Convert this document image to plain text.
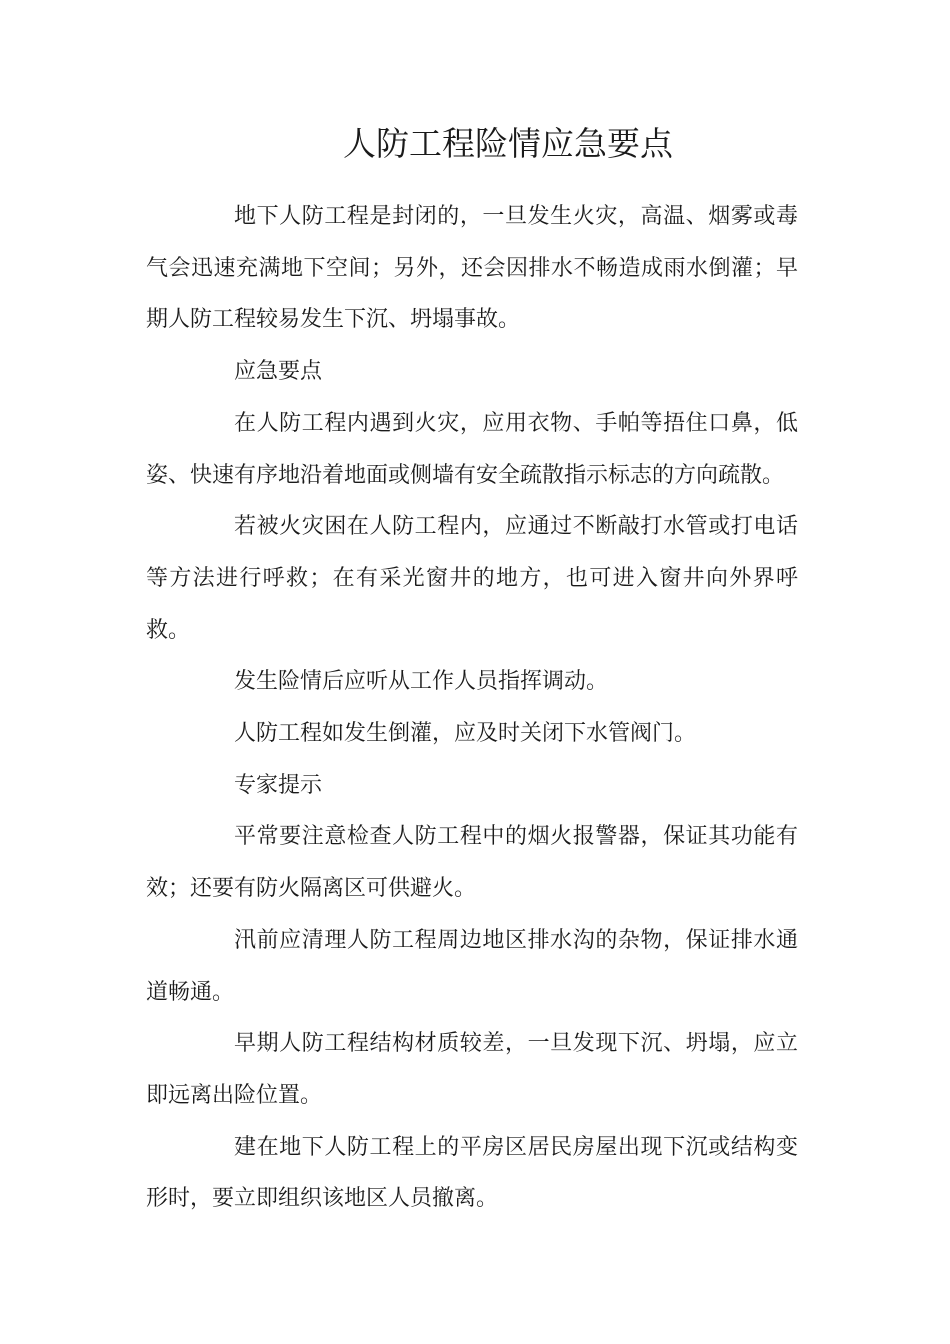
人防工程险情应急要点

地下人防工程是封闭的，一旦发生火灾，高温、烟雾或毒气会迅速充满地下空间；另外，还会因排水不畅造成雨水倒灌；早期人防工程较易发生下沉、坍塌事故。

应急要点

在人防工程内遇到火灾，应用衣物、手帕等捂住口鼻，低姿、快速有序地沿着地面或侧墙有安全疏散指示标志的方向疏散。

若被火灾困在人防工程内，应通过不断敲打水管或打电话等方法进行呼救；在有采光窗井的地方，也可进入窗井向外界呼救。

发生险情后应听从工作人员指挥调动。

人防工程如发生倒灌，应及时关闭下水管阀门。

专家提示

平常要注意检查人防工程中的烟火报警器，保证其功能有效；还要有防火隔离区可供避火。

汛前应清理人防工程周边地区排水沟的杂物，保证排水通道畅通。

早期人防工程结构材质较差，一旦发现下沉、坍塌，应立即远离出险位置。

建在地下人防工程上的平房区居民房屋出现下沉或结构变形时，要立即组织该地区人员撤离。
